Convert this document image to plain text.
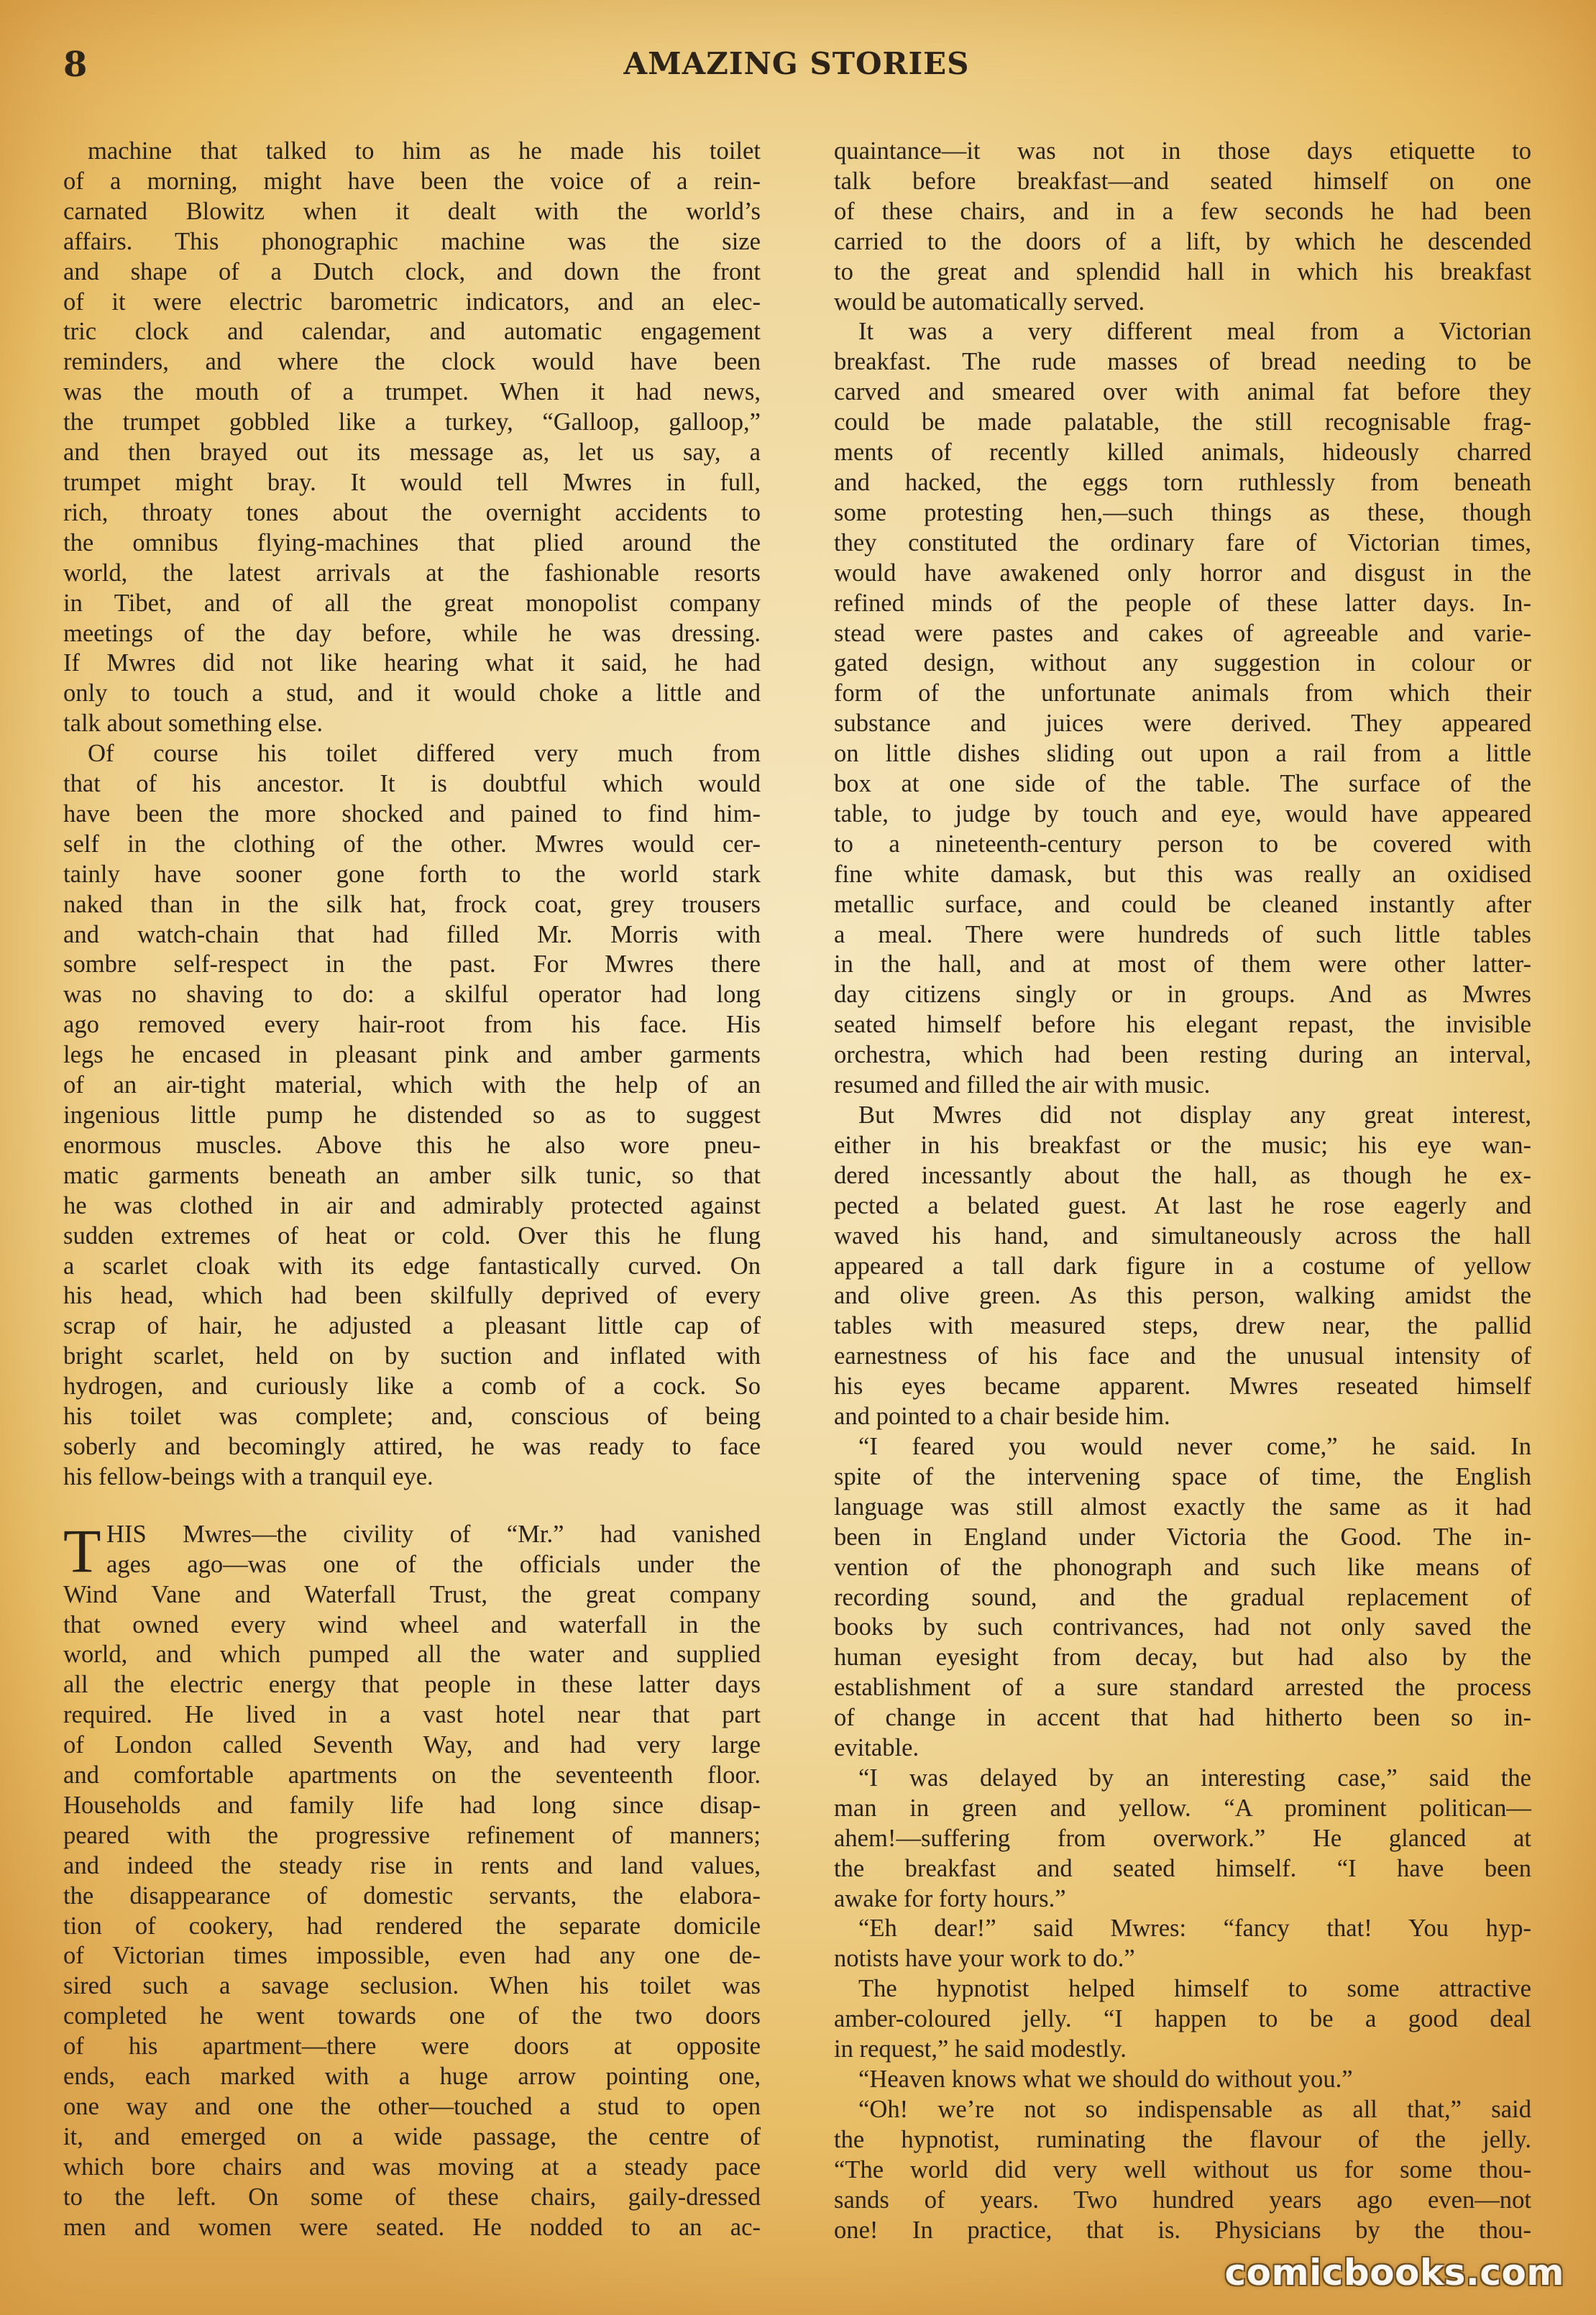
8	AMAZING STORIES
machine that talked to him as he made his toilet
of a morning, might have been the voice of a rein-
carnated Blowitz when it dealt with the world’s
affairs. This phonographic machine was the size
and shape of a Dutch clock, and down the front
of it were electric barometric indicators, and an elec-
tric clock and calendar, and automatic engagement
reminders, and where the clock would have been
was the mouth of a trumpet. When it had news,
the trumpet gobbled like a turkey, “Galloop, galloop,”
and then brayed out its message as, let us say, a
trumpet might bray. It would tell Mwres in full,
rich, throaty tones about the overnight accidents to
the omnibus flying-machines that plied around the
world, the latest arrivals at the fashionable resorts
in Tibet, and of all the great monopolist company
meetings of the day before, while he was dressing.
If Mwres did not like hearing what it said, he had
only to touch a stud, and it would choke a little and
talk about something else.
Of course his toilet differed very much from
that of his ancestor. It is doubtful which would
have been the more shocked and pained to find him-
self in the clothing of the other. Mwres would cer-
tainly have sooner gone forth to the world stark
naked than in the silk hat, frock coat, grey trousers
and watch-chain that had filled Mr. Morris with
sombre self-respect in the past. For Mwres there
was no shaving to do: a skilful operator had long
ago removed every hair-root from his face. His
legs he encased in pleasant pink and amber garments
of an air-tight material, which with the help of an
ingenious little pump he distended so as to suggest
enormous muscles. Above this he also wore pneu-
matic garments beneath an amber silk tunic, so that
he was clothed in air and admirably protected against
sudden extremes of heat or cold. Over this he flung
a scarlet cloak with its edge fantastically curved. On
his head, which had been skilfully deprived of every
scrap of hair, he adjusted a pleasant little cap of
bright scarlet, held on by suction and inflated with
hydrogen, and curiously like a comb of a cock. So
his toilet was complete; and, conscious of being
soberly and becomingly attired, he was ready to face
his fellow-beings with a tranquil eye.
T HIS Mwres—the civility of “Mr.” had vanished
ages ago—was one of the officials under the
Wind Vane and Waterfall Trust, the great company
that owned every wind wheel and waterfall in the
world, and which pumped all the water and supplied
all the electric energy that people in these latter days
required. He lived in a vast hotel near that part
of London called Seventh Way, and had very large
and comfortable apartments on the seventeenth floor.
Households and family life had long since disap-
peared with the progressive refinement of manners;
and indeed the steady rise in rents and land values,
the disappearance of domestic servants, the elabora-
tion of cookery, had rendered the separate domicile
of Victorian times impossible, even had any one de-
sired such a savage seclusion. When his toilet was
completed he went towards one of the two doors
of his apartment—there were doors at opposite
ends, each marked with a huge arrow pointing one,
one way and one the other—touched a stud to open
it, and emerged on a wide passage, the centre of
which bore chairs and was moving at a steady pace
to the left. On some of these chairs, gaily-dressed
men and women were seated. He nodded to an ac-
quaintance—it was not in those days etiquette to
talk before breakfast—and seated himself on one
of these chairs, and in a few seconds he had been
carried to the doors of a lift, by which he descended
to the great and splendid hall in which his breakfast
would be automatically served.
It was a very different meal from a Victorian
breakfast. The rude masses of bread needing to be
carved and smeared over with animal fat before they
could be made palatable, the still recognisable frag-
ments of recently killed animals, hideously charred
and hacked, the eggs torn ruthlessly from beneath
some protesting hen,—such things as these, though
they constituted the ordinary fare of Victorian times,
would have awakened only horror and disgust in the
refined minds of the people of these latter days. In-
stead were pastes and cakes of agreeable and varie-
gated design, without any suggestion in colour or
form of the unfortunate animals from which their
substance and juices were derived. They appeared
on little dishes sliding out upon a rail from a little
box at one side of the table. The surface of the
table, to judge by touch and eye, would have appeared
to a nineteenth-century person to be covered with
fine white damask, but this was really an oxidised
metallic surface, and could be cleaned instantly after
a meal. There were hundreds of such little tables
in the hall, and at most of them were other latter-
day citizens singly or in groups. And as Mwres
seated himself before his elegant repast, the invisible
orchestra, which had been resting during an interval,
resumed and filled the air with music.
But Mwres did not display any great interest,
either in his breakfast or the music; his eye wan-
dered incessantly about the hall, as though he ex-
pected a belated guest. At last he rose eagerly and
waved his hand, and simultaneously across the hall
appeared a tall dark figure in a costume of yellow
and olive green. As this person, walking amidst the
tables with measured steps, drew near, the pallid
earnestness of his face and the unusual intensity of
his eyes became apparent. Mwres reseated himself
and pointed to a chair beside him.
“I feared you would never come,” he said. In
spite of the intervening space of time, the English
language was still almost exactly the same as it had
been in England under Victoria the Good. The in-
vention of the phonograph and such like means of
recording sound, and the gradual replacement of
books by such contrivances, had not only saved the
human eyesight from decay, but had also by the
establishment of a sure standard arrested the process
of change in accent that had hitherto been so in-
evitable.
“I was delayed by an interesting case,” said the
man in green and yellow. “A prominent politican—
ahem!—suffering from overwork.” He glanced at
the breakfast and seated himself. “I have been
awake for forty hours.”
“Eh dear!” said Mwres: “fancy that! You hyp-
notists have your work to do.”
The hypnotist helped himself to some attractive
amber-coloured jelly. “I happen to be a good deal
in request,” he said modestly.
“Heaven knows what we should do without you.”
“Oh! we’re not so indispensable as all that,” said
the hypnotist, ruminating the flavour of the jelly.
“The world did very well without us for some thou-
sands of years. Two hundred years ago even—not
one! In practice, that is. Physicians by the thou-
comicbooks.com
